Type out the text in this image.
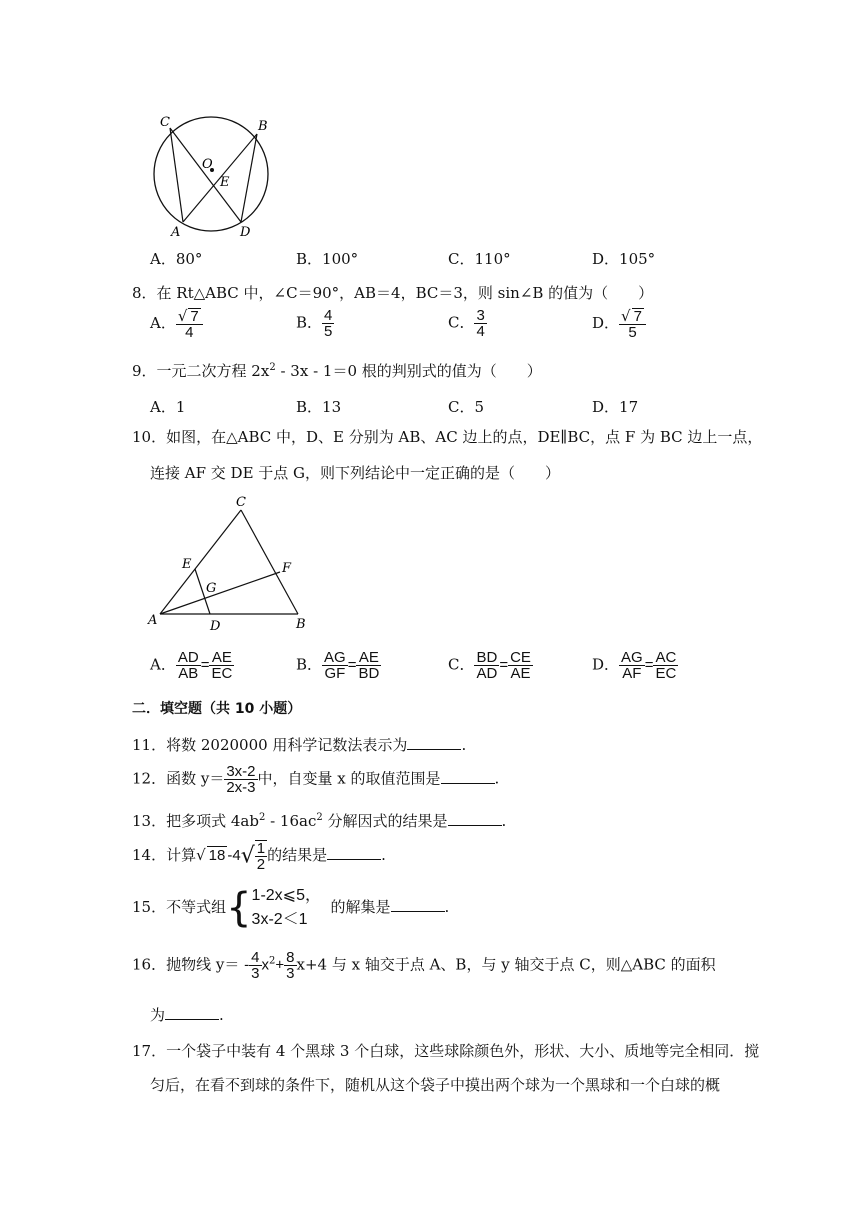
C	B
O
E
A	D
A．80°	B．100°	C．110°	D．105°
8．在 Rt△ABC 中，∠C＝90°，AB＝4，BC＝3，则 sin∠B 的值为（　　）
A． $\frac{√ 7}{4}$	B． $\frac{4}{5}$	C． $\frac{3}{4}$	D． $\frac{√ 7}{5}$
9．一元二次方程 $2x^2 - 3x - 1=0$ 根的判别式的值为（　　）
A．1	B．13	C．5	D．17
10．如图，在△ABC 中，D、E 分别为 AB、AC 边上的点，DE∥BC，点 F 为 BC 边上一点，
连接 AF 交 DE 于点 G，则下列结论中一定正确的是（　　）
C
E	F
G
A	D	B
A． $\frac{AD}{AB} = \frac{AE}{EC}$	B． $\frac{AG}{GF} = \frac{AE}{BD}$	C． $\frac{BD}{AD} = \frac{CE}{AE}$	D． $\frac{AG}{AF} = \frac{AC}{EC}$
二．填空题（共 10 小题）
11．将数 2020000 用科学记数法表示为	.
12．函数 $y= \frac{3x-2}{2x-3}$ 中，自变量 x 的取值范围是	.
13．把多项式 $4ab^2 - 16ac^2$ 分解因式的结果是	.
14．计算√ 18 $-4√ \frac{1}{2}$ 的结果是	.
15．不等式组{ 1-2x⩽5，
3x-2＜1
的解集是	.
16．抛物线 $y= - \frac{4}{3} x^2+ \frac{8}{3} x+4$ 与 x 轴交于点 A、B，与 y 轴交于点 C，则△ABC 的面积
为	.
17．一个袋子中装有 4 个黑球 3 个白球，这些球除颜色外，形状、大小、质地等完全相同．搅
匀后，在看不到球的条件下，随机从这个袋子中摸出两个球为一个黑球和一个白球的概
